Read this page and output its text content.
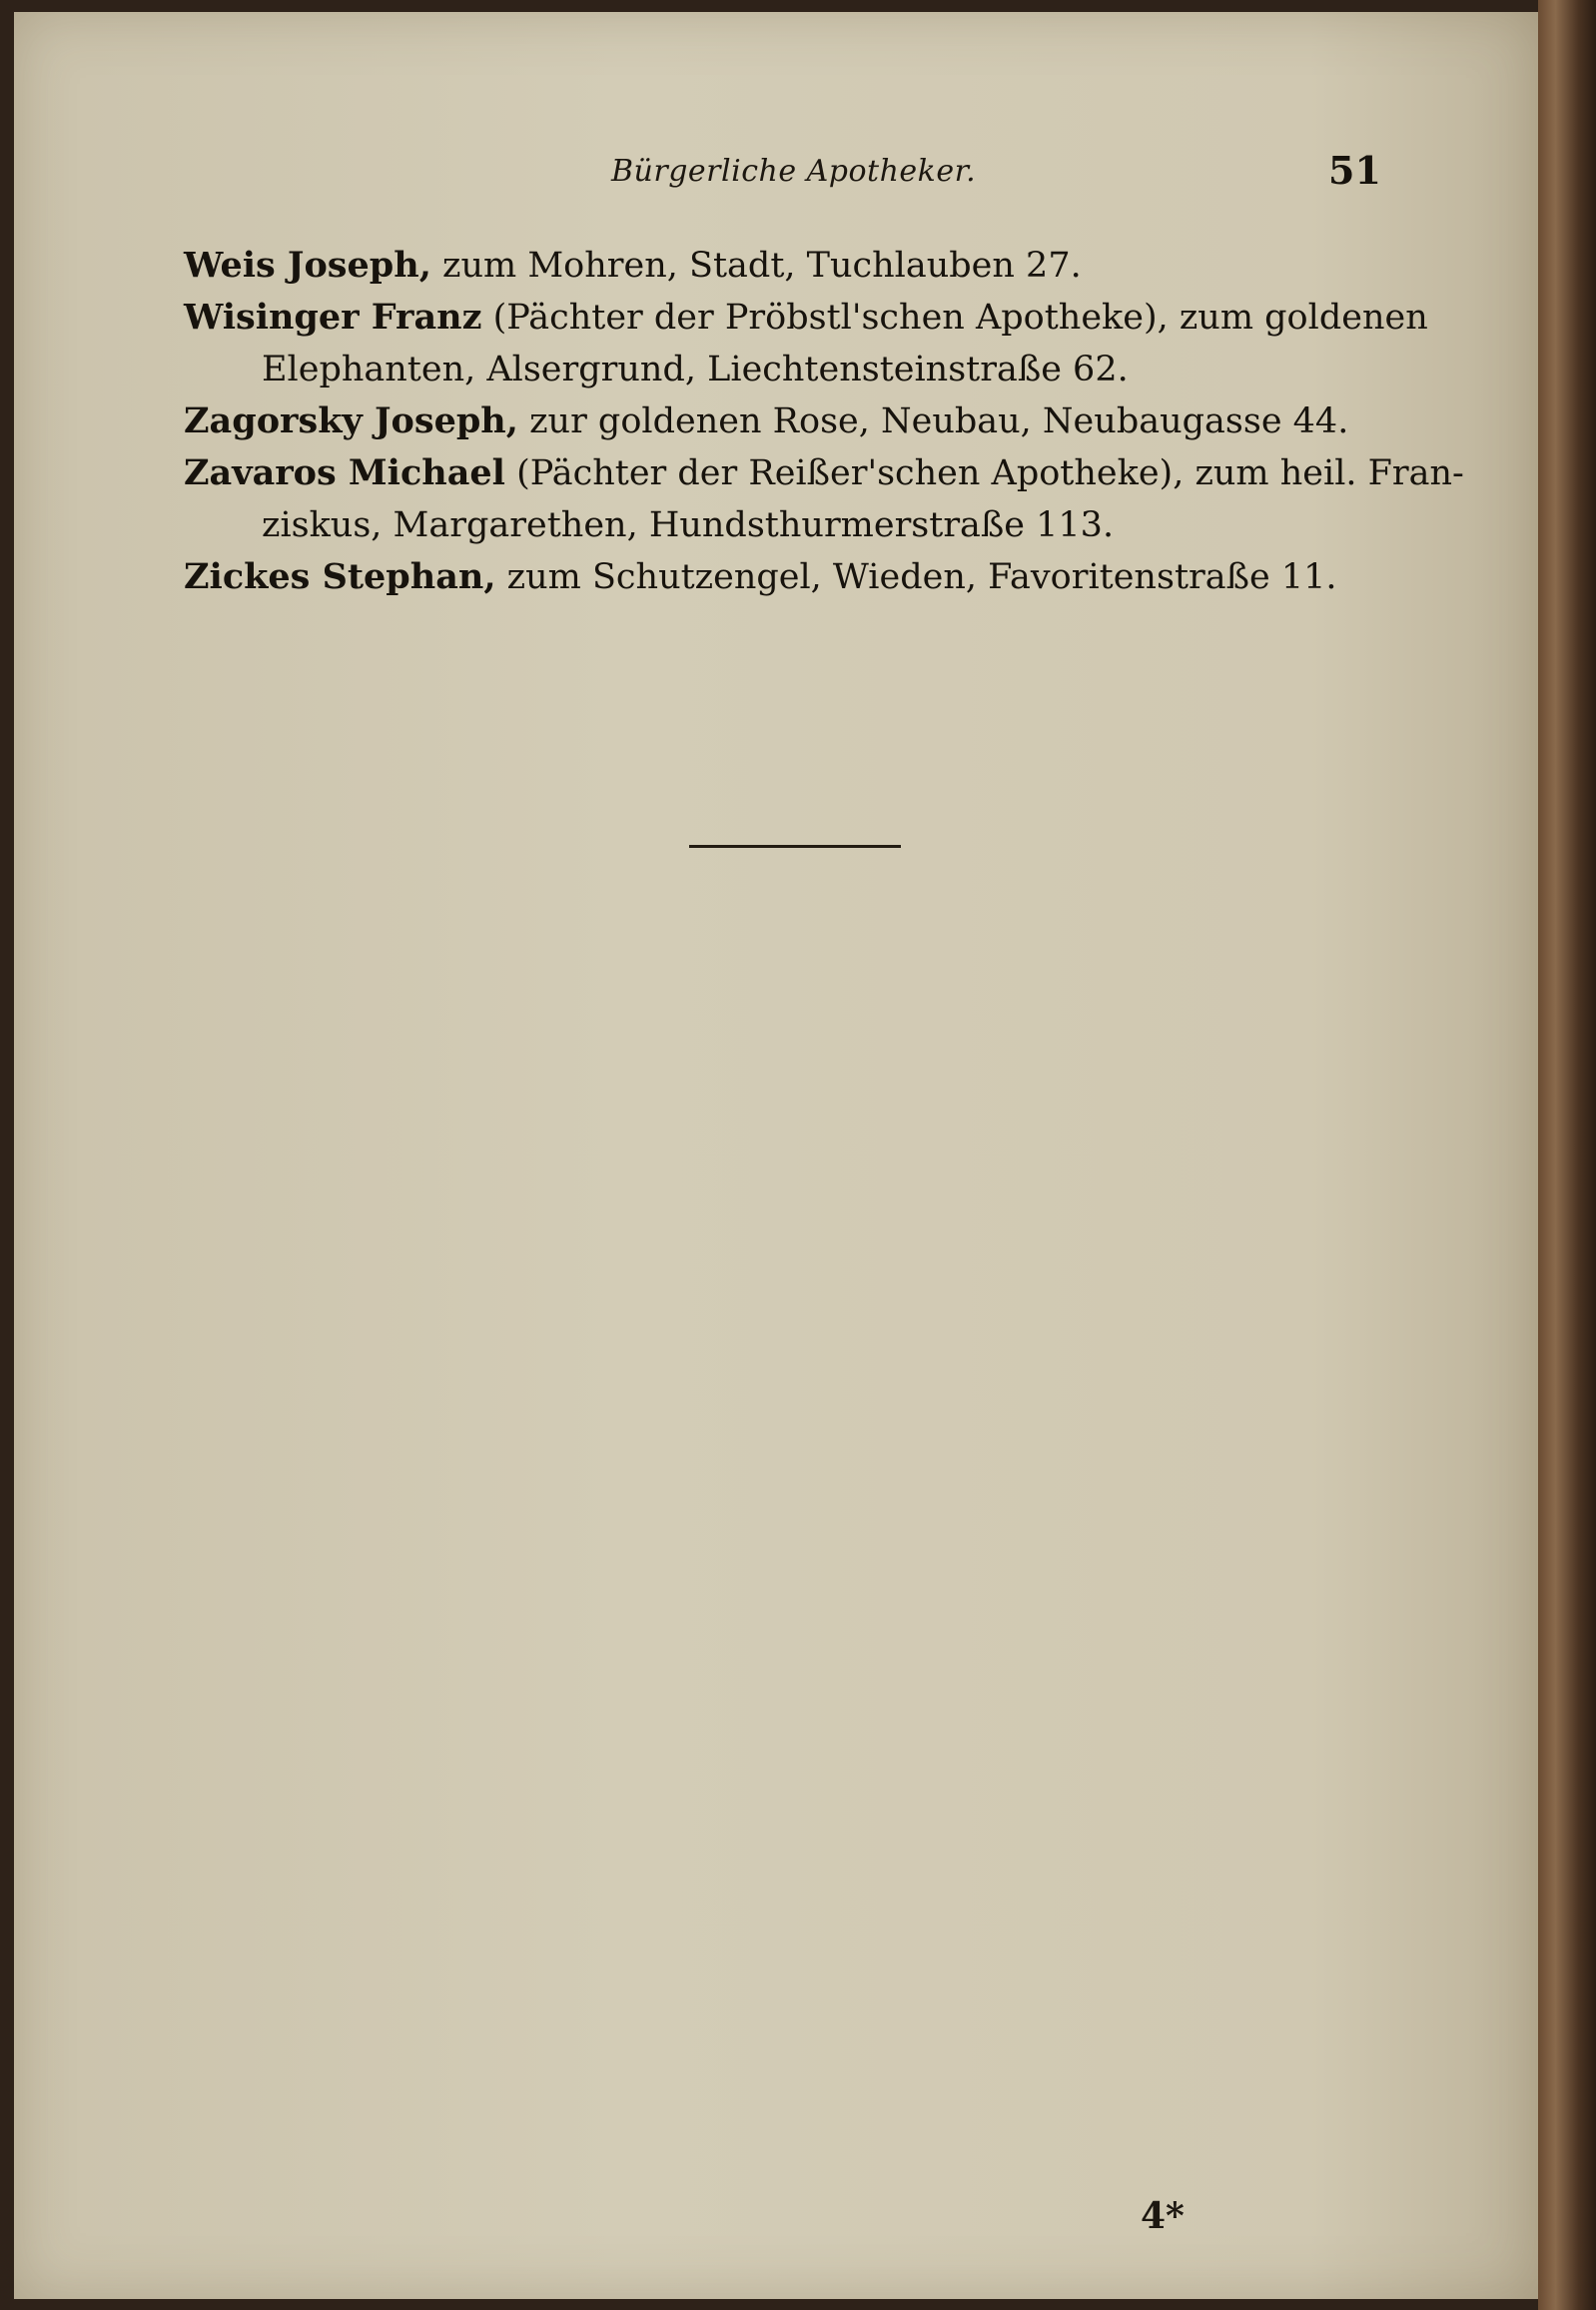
Bürgerliche Apotheker.	51
Weis Joseph, zum Mohren, Stadt, Tuchlauben 27.
Wisinger Franz (Pächter der Pröbstl'schen Apotheke), zum goldenen
Elephanten, Alsergrund, Liechtensteinstraße 62.
Zagorsky Joseph, zur goldenen Rose, Neubau, Neubaugasse 44.
Zavaros Michael (Pächter der Reißer'schen Apotheke), zum heil. Fran-
ziskus, Margarethen, Hundsthurmerstraße 113.
Zickes Stephan, zum Schutzengel, Wieden, Favoritenstraße 11.
4*
